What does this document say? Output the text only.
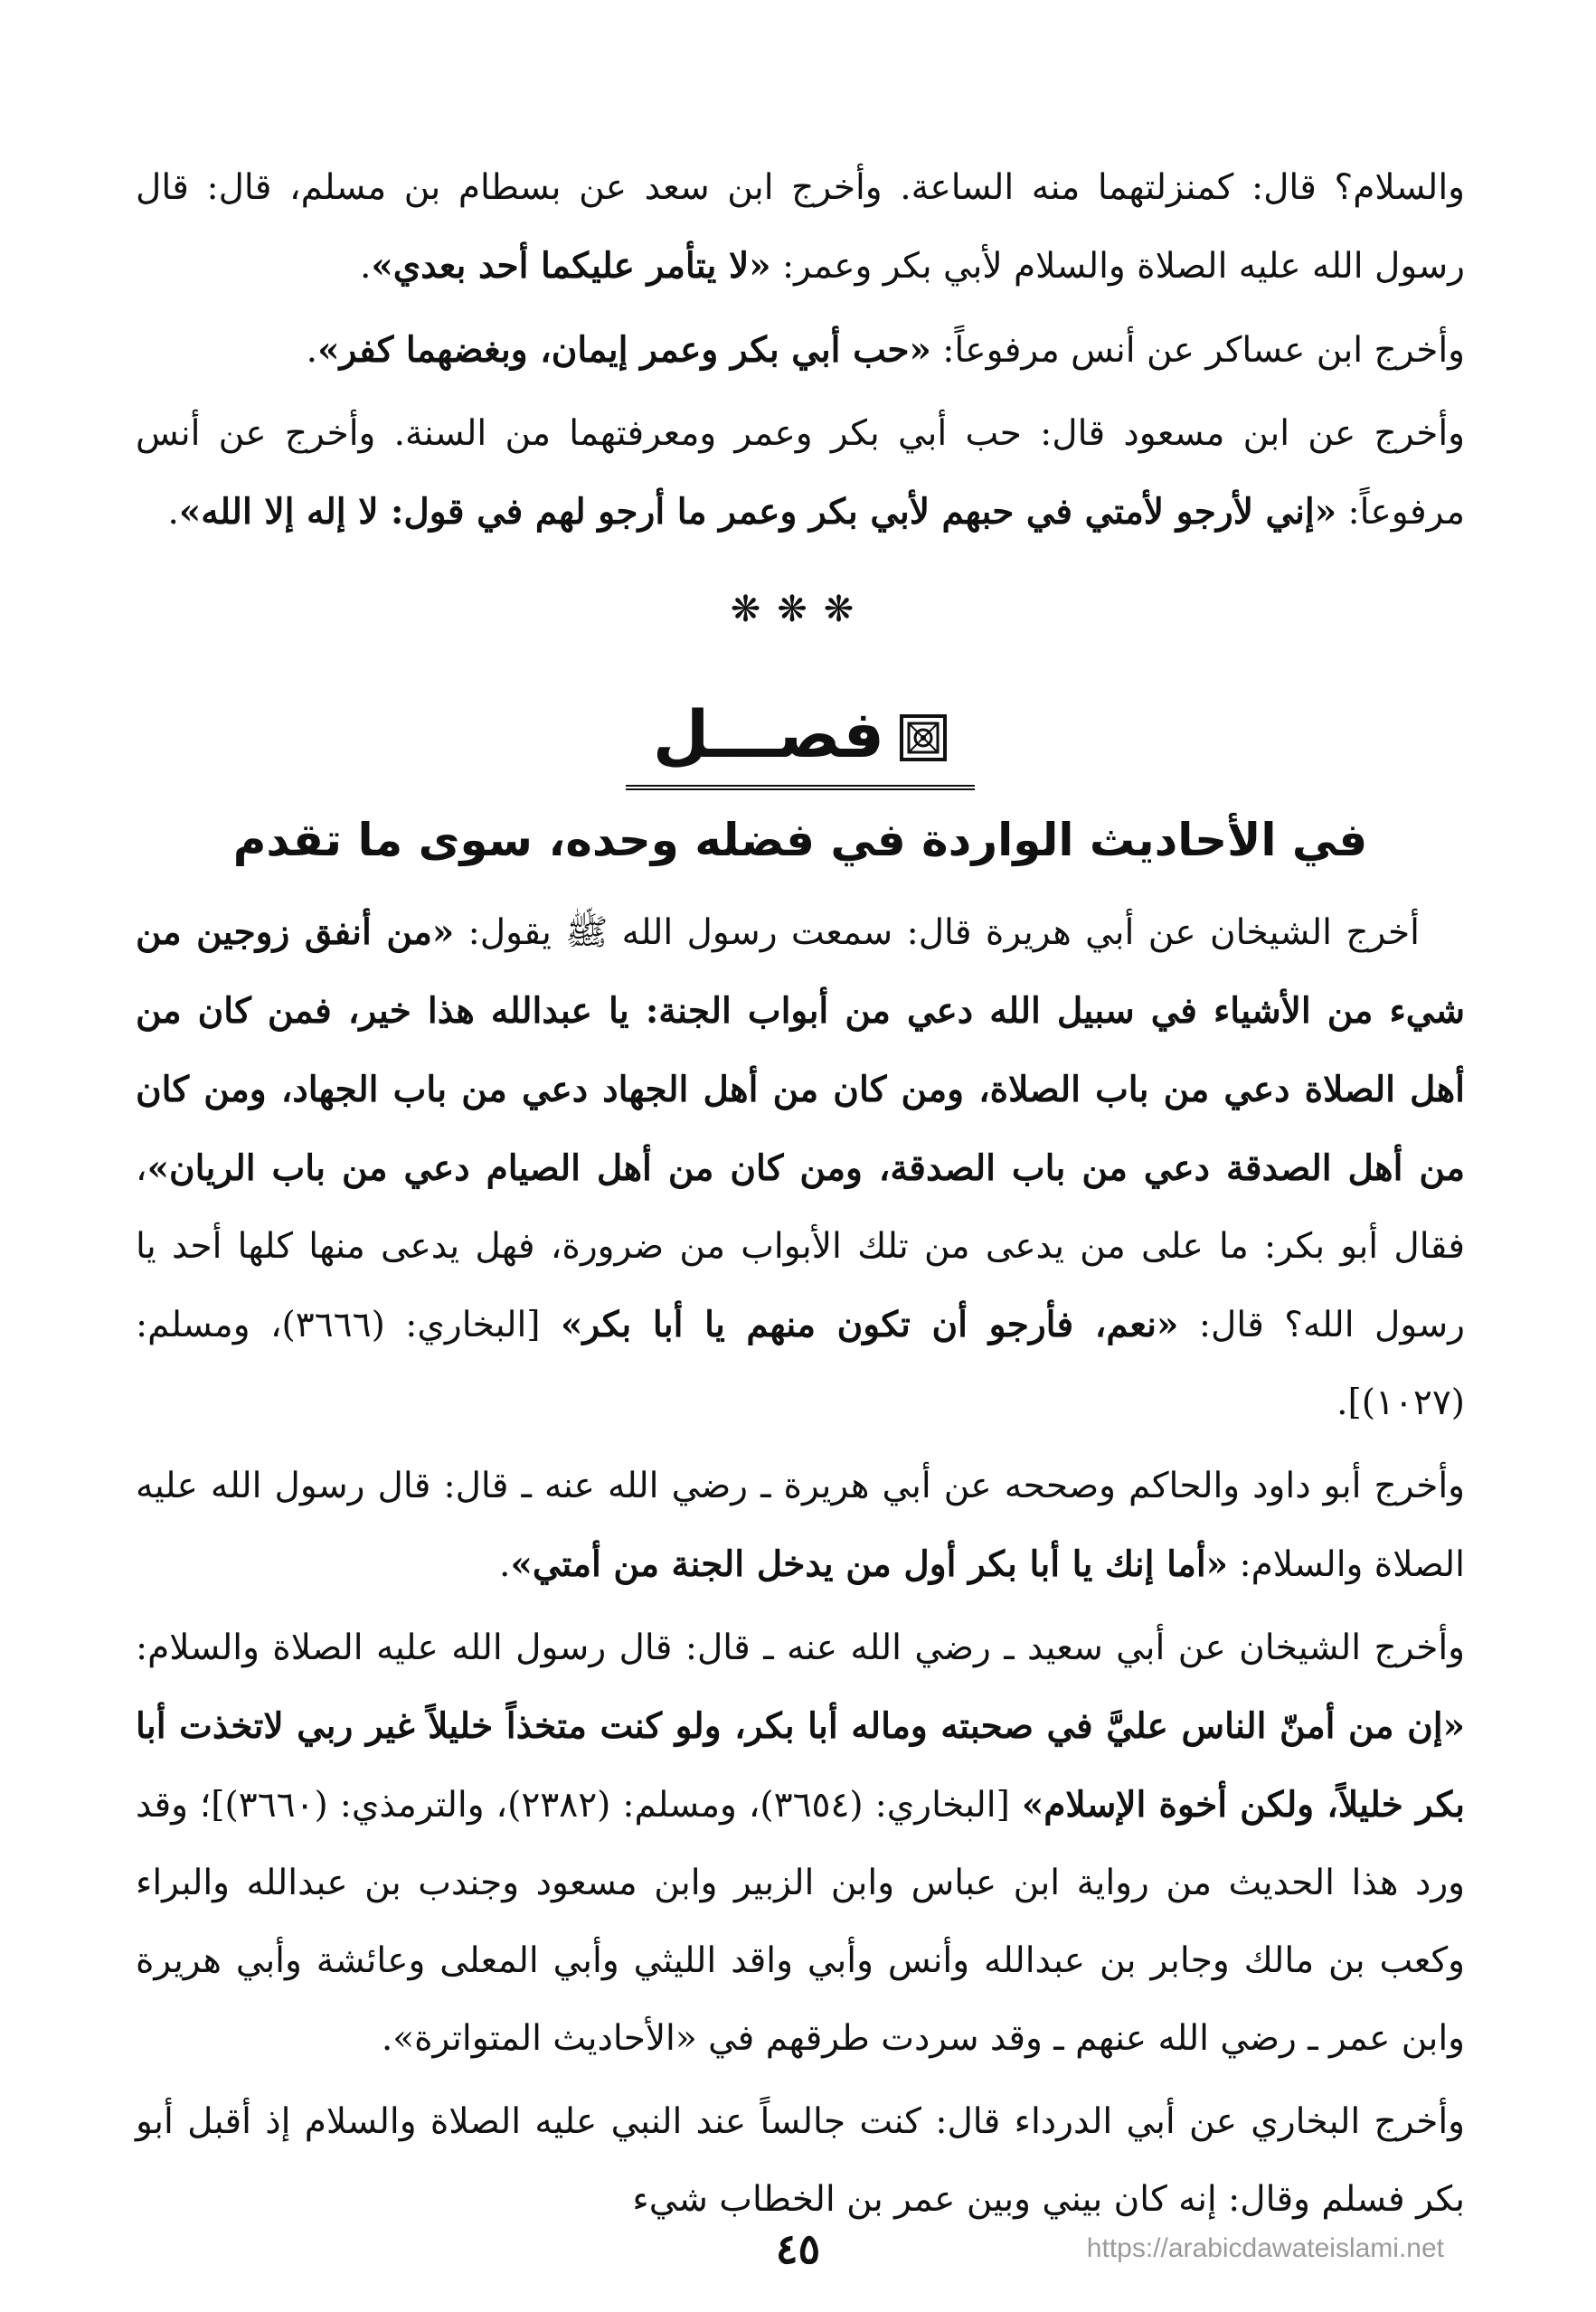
والسلام؟ قال: كمنزلتهما منه الساعة. وأخرج ابن سعد عن بسطام بن مسلم، قال: قال رسول الله عليه الصلاة والسلام لأبي بكر وعمر: «لا يتأمر عليكما أحد بعدي».

وأخرج ابن عساكر عن أنس مرفوعاً: «حب أبي بكر وعمر إيمان، وبغضهما كفر».

وأخرج عن ابن مسعود قال: حب أبي بكر وعمر ومعرفتهما من السنة. وأخرج عن أنس مرفوعاً: «إني لأرجو لأمتي في حبهم لأبي بكر وعمر ما أرجو لهم في قول: لا إله إلا الله».

❋❋❋
فصـــل
في الأحاديث الواردة في فضله وحده، سوى ما تقدم

أخرج الشيخان عن أبي هريرة قال: سمعت رسول الله ﷺ يقول: «من أنفق زوجين من شيء من الأشياء في سبيل الله دعي من أبواب الجنة: يا عبدالله هذا خير، فمن كان من أهل الصلاة دعي من باب الصلاة، ومن كان من أهل الجهاد دعي من باب الجهاد، ومن كان من أهل الصدقة دعي من باب الصدقة، ومن كان من أهل الصيام دعي من باب الريان»، فقال أبو بكر: ما على من يدعى من تلك الأبواب من ضرورة، فهل يدعى منها كلها أحد يا رسول الله؟ قال: «نعم، فأرجو أن تكون منهم يا أبا بكر» [البخاري: (٣٦٦٦)، ومسلم: (١٠٢٧)].

وأخرج أبو داود والحاكم وصححه عن أبي هريرة ـ رضي الله عنه ـ قال: قال رسول الله عليه الصلاة والسلام: «أما إنك يا أبا بكر أول من يدخل الجنة من أمتي».

وأخرج الشيخان عن أبي سعيد ـ رضي الله عنه ـ قال: قال رسول الله عليه الصلاة والسلام: «إن من أمنّ الناس عليَّ في صحبته وماله أبا بكر، ولو كنت متخذاً خليلاً غير ربي لاتخذت أبا بكر خليلاً، ولكن أخوة الإسلام» [البخاري: (٣٦٥٤)، ومسلم: (٢٣٨٢)، والترمذي: (٣٦٦٠)]؛ وقد ورد هذا الحديث من رواية ابن عباس وابن الزبير وابن مسعود وجندب بن عبدالله والبراء وكعب بن مالك وجابر بن عبدالله وأنس وأبي واقد الليثي وأبي المعلى وعائشة وأبي هريرة وابن عمر ـ رضي الله عنهم ـ وقد سردت طرقهم في «الأحاديث المتواترة».

وأخرج البخاري عن أبي الدرداء قال: كنت جالساً عند النبي عليه الصلاة والسلام إذ أقبل أبو بكر فسلم وقال: إنه كان بيني وبين عمر بن الخطاب شيء

٤٥	https://arabicdawateislami.net
